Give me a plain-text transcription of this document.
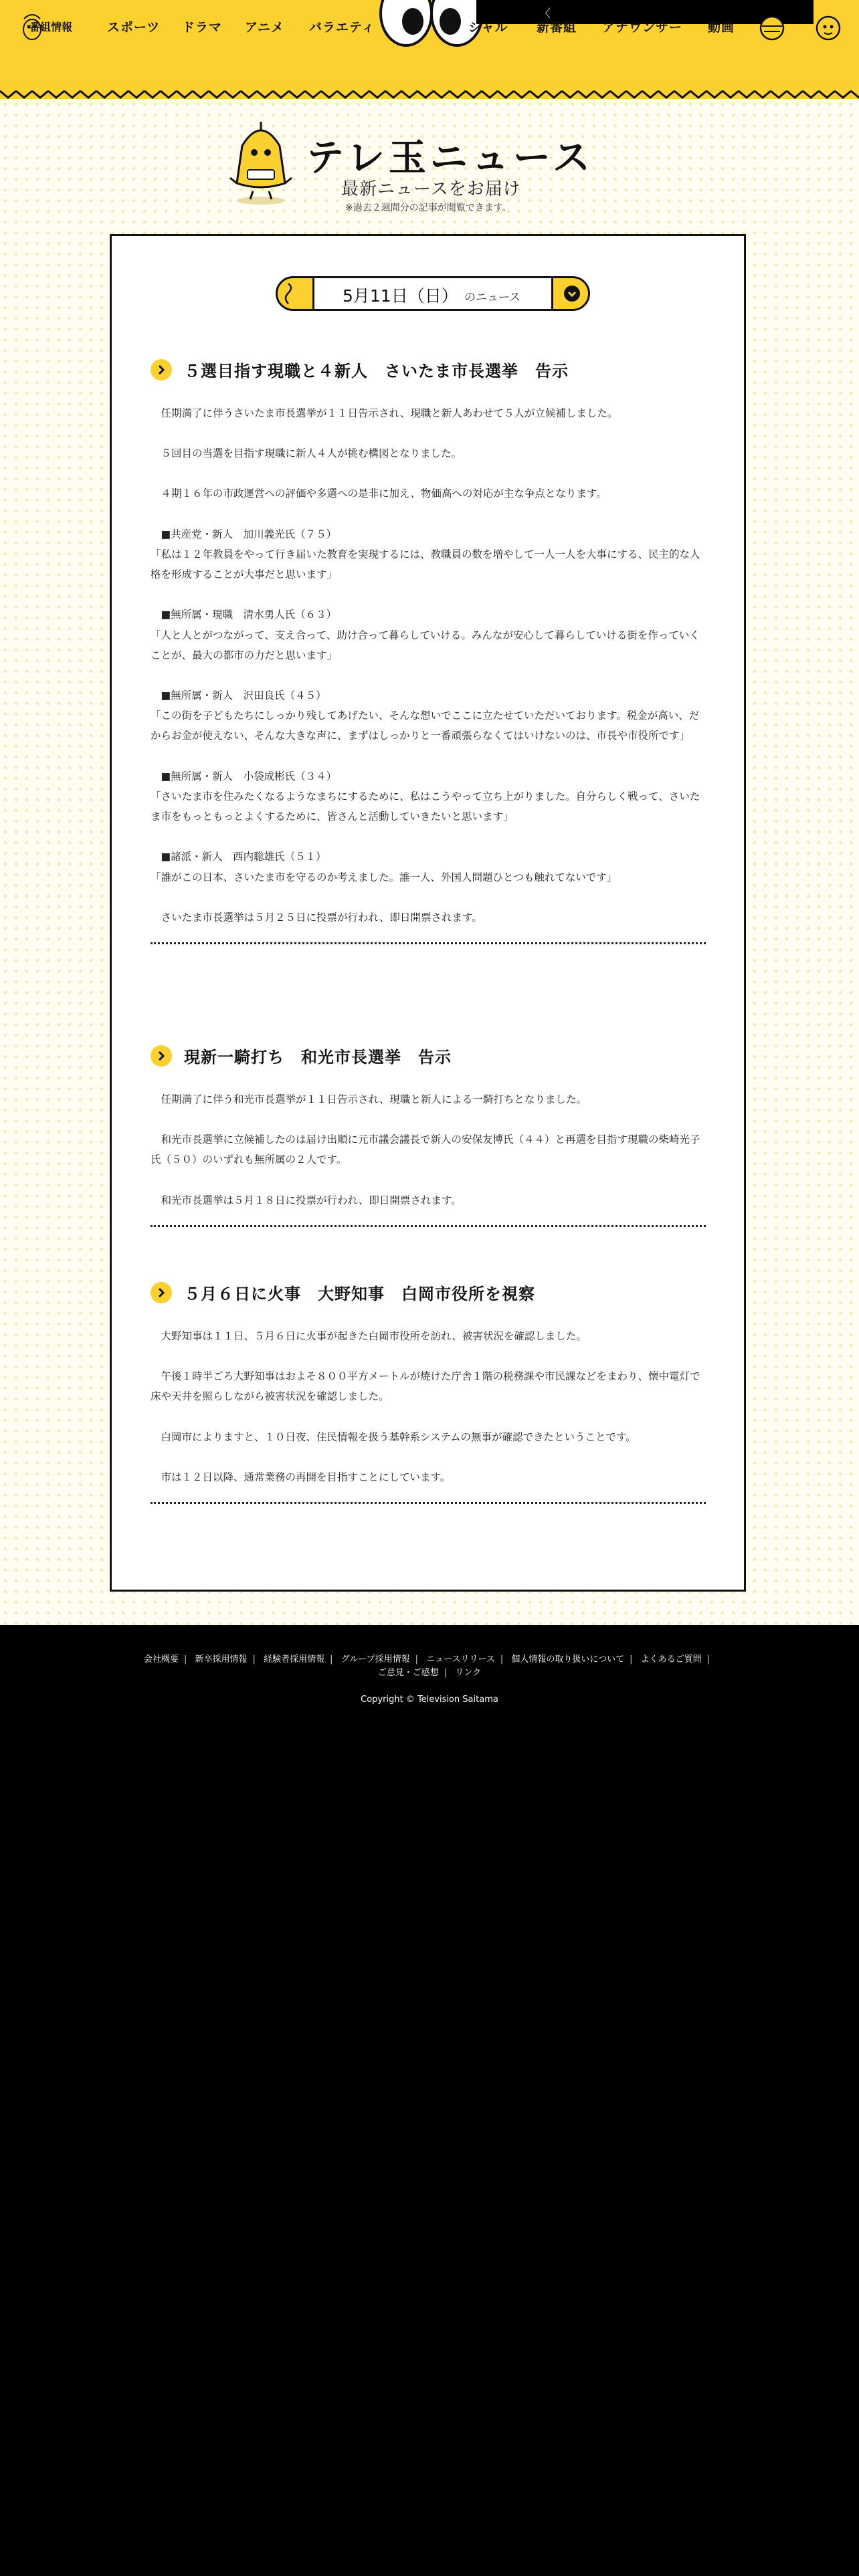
番組情報	スポーツ ドラマ アニメ バラエティ
〈
シャル 新番組 アナウンサー 動画
テレ玉ニュース
最新ニュースをお届け
※過去２週間分の記事が閲覧できます。
5月11日（日） のニュース
５選目指す現職と４新人　さいたま市長選挙　告示

　任期満了に伴うさいたま市長選挙が１１日告示され、現職と新人あわせて５人が立候補しました。

　５回目の当選を目指す現職に新人４人が挑む構図となりました。

　４期１６年の市政運営への評価や多選への是非に加え、物価高への対応が主な争点となります。

　■共産党・新人　加川義光氏（７５）
「私は１２年教員をやって行き届いた教育を実現するには、教職員の数を増やして一人一人を大事にする、民主的な人格を形成することが大事だと思います」

　■無所属・現職　清水勇人氏（６３）
「人と人とがつながって、支え合って、助け合って暮らしていける。みんなが安心して暮らしていける街を作っていくことが、最大の都市の力だと思います」

　■無所属・新人　沢田良氏（４５）
「この街を子どもたちにしっかり残してあげたい、そんな想いでここに立たせていただいております。税金が高い、だからお金が使えない、そんな大きな声に、まずはしっかりと一番頑張らなくてはいけないのは、市長や市役所です」

　■無所属・新人　小袋成彬氏（３４）
「さいたま市を住みたくなるようなまちにするために、私はこうやって立ち上がりました。自分らしく戦って、さいたま市をもっともっとよくするために、皆さんと活動していきたいと思います」

　■諸派・新人　西内聡雄氏（５１）
「誰がこの日本、さいたま市を守るのか考えました。誰一人、外国人問題ひとつも触れてないです」

　さいたま市長選挙は５月２５日に投票が行われ、即日開票されます。

現新一騎打ち　和光市長選挙　告示

　任期満了に伴う和光市長選挙が１１日告示され、現職と新人による一騎打ちとなりました。

　和光市長選挙に立候補したのは届け出順に元市議会議長で新人の安保友博氏（４４）と再選を目指す現職の柴崎光子氏（５０）のいずれも無所属の２人です。

　和光市長選挙は５月１８日に投票が行われ、即日開票されます。

５月６日に火事　大野知事　白岡市役所を視察

　大野知事は１１日、５月６日に火事が起きた白岡市役所を訪れ、被害状況を確認しました。

　午後１時半ごろ大野知事はおよそ８００平方メートルが焼けた庁舎１階の税務課や市民課などをまわり、懐中電灯で床や天井を照らしながら被害状況を確認しました。

　白岡市によりますと、１０日夜、住民情報を扱う基幹系システムの無事が確認できたということです。

　市は１２日以降、通常業務の再開を目指すことにしています。

会社概要 | 新卒採用情報 | 経験者採用情報 | グループ採用情報 | ニュースリリース | 個人情報の取り扱いについて | よくあるご質問 |
ご意見・ご感想 | リンク
Copyright © Television Saitama
